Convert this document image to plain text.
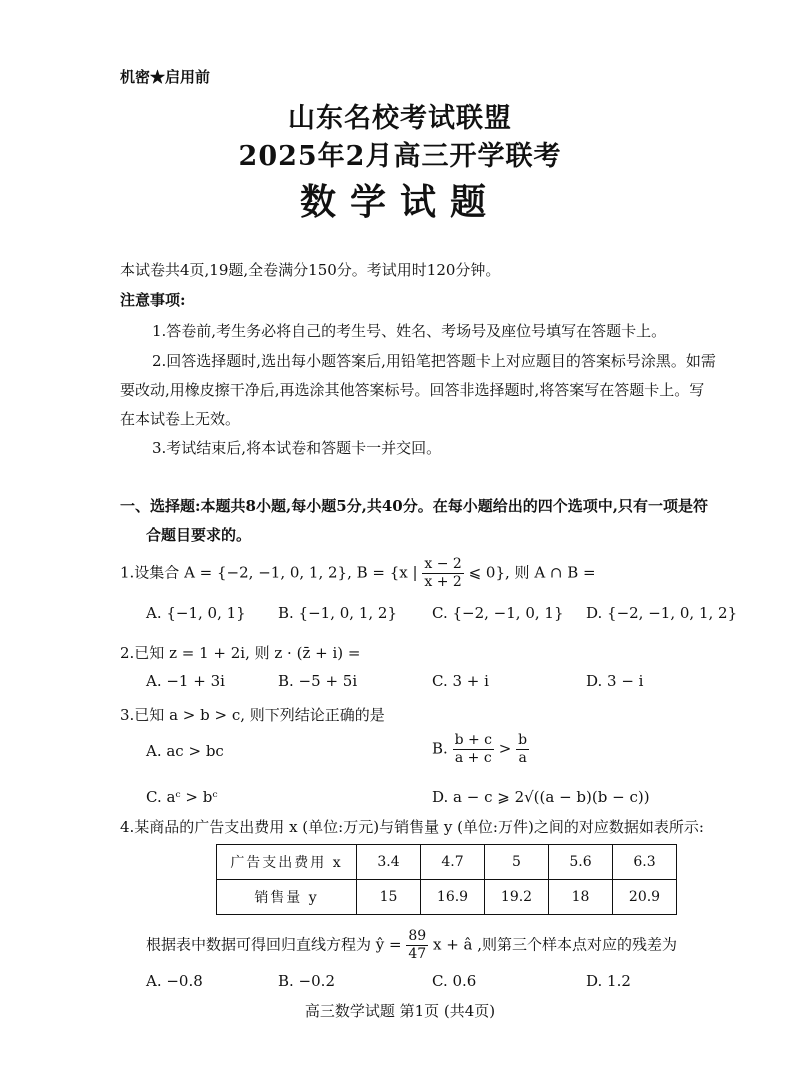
机密★启用前
山东名校考试联盟
2025年2月高三开学联考
数学试题
本试卷共4页,19题,全卷满分150分。考试用时120分钟。
注意事项:
1.答卷前,考生务必将自己的考生号、姓名、考场号及座位号填写在答题卡上。
2.回答选择题时,选出每小题答案后,用铅笔把答题卡上对应题目的答案标号涂黑。如需
要改动,用橡皮擦干净后,再选涂其他答案标号。回答非选择题时,将答案写在答题卡上。写
在本试卷上无效。
3.考试结束后,将本试卷和答题卡一并交回。
一、选择题:本题共8小题,每小题5分,共40分。在每小题给出的四个选项中,只有一项是符
合题目要求的。
1.设集合 A = {−2, −1, 0, 1, 2}, B = {x | $\frac{x - 2}{x + 2}$ ⩽ 0}, 则 A ∩ B =
A. {−1, 0, 1} B. {−1, 0, 1, 2} C. {−2, −1, 0, 1} D. {−2, −1, 0, 1, 2}
2.已知 z = 1 + 2i, 则 z · (z̄ + i) =
A. −1 + 3i	B. −5 + 5i	C. 3 + i	D. 3 − i
3.已知 a > b > c, 则下列结论正确的是
A. ac > bc	B. $\frac{b + c}{a + c} > \frac{b}{a}$
C. aᶜ > bᶜ	D. a − c ⩾ 2√((a − b)(b − c))
4.某商品的广告支出费用 x (单位:万元)与销售量 y (单位:万件)之间的对应数据如表所示:
广告支出费用 x	3.4	4.7	5	5.6	6.3
销售量 y	15	16.9	19.2	18	20.9
根据表中数据可得回归直线方程为 ŷ = $\frac{89}{47}$ x + â ,则第三个样本点对应的残差为
A. −0.8	B. −0.2	C. 0.6	D. 1.2
高三数学试题 第1页 (共4页)
